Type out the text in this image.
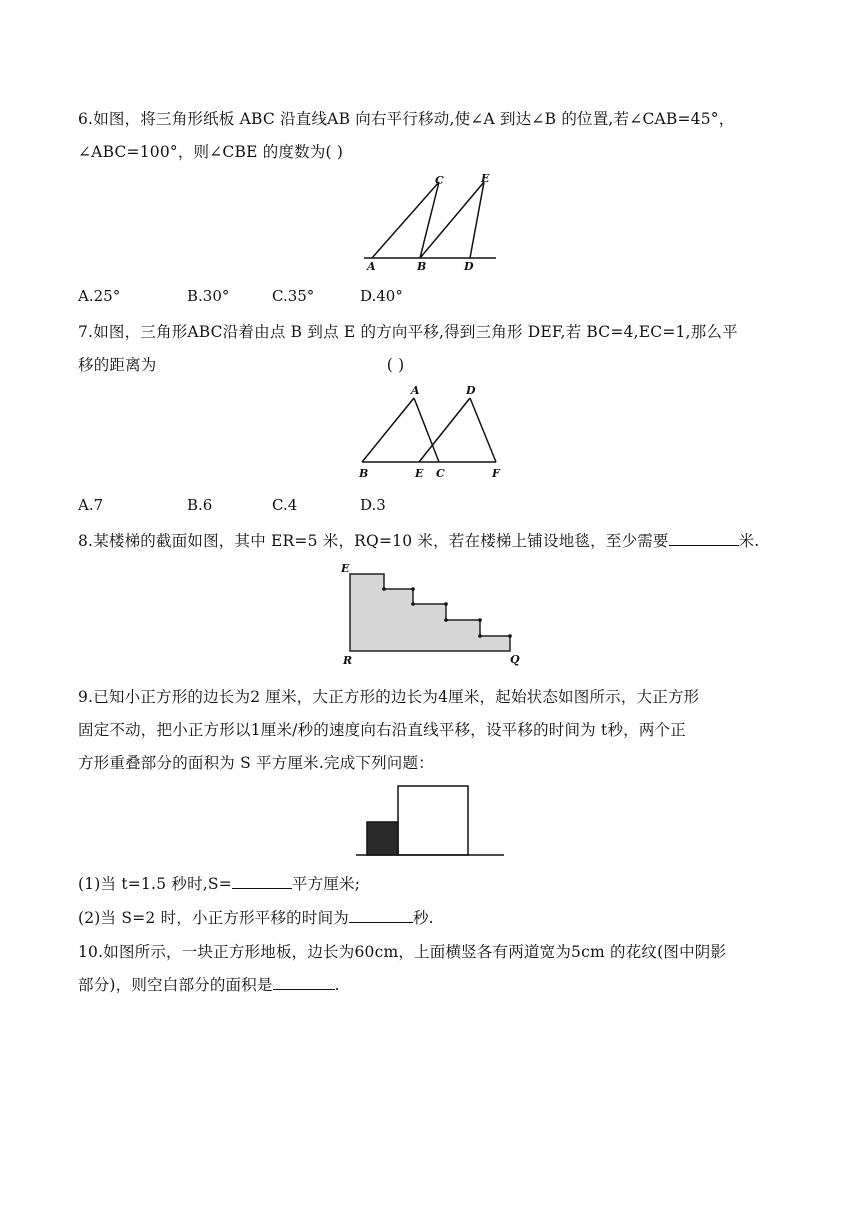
6.如图，将三角形纸板 ABC 沿直线AB 向右平行移动,使∠A 到达∠B 的位置,若∠CAB=45°，
∠ABC=100°，则∠CBE 的度数为( )
A	B
C
D
E
A.25°	B.30°	C.35°	D.40°
7.如图，三角形ABC沿着由点 B 到点 E 的方向平移,得到三角形 DEF,若 BC=4,EC=1,那么平
移的距离为	( )
A
B	C
D
E	F
A.7	B.6	C.4	D.3
8.某楼梯的截面如图，其中 ER=5 米，RQ=10 米，若在楼梯上铺设地毯，至少需要	米.
E
R	Q
9.已知小正方形的边长为2 厘米，大正方形的边长为4厘米，起始状态如图所示，大正方形
固定不动，把小正方形以1厘米/秒的速度向右沿直线平移，设平移的时间为 t秒，两个正
方形重叠部分的面积为 S 平方厘米.完成下列问题：
(1)当 t=1.5 秒时,S=	平方厘米;
(2)当 S=2 时，小正方形平移的时间为	秒.
10.如图所示，一块正方形地板，边长为60cm，上面横竖各有两道宽为5cm 的花纹(图中阴影
部分)，则空白部分的面积是	.
